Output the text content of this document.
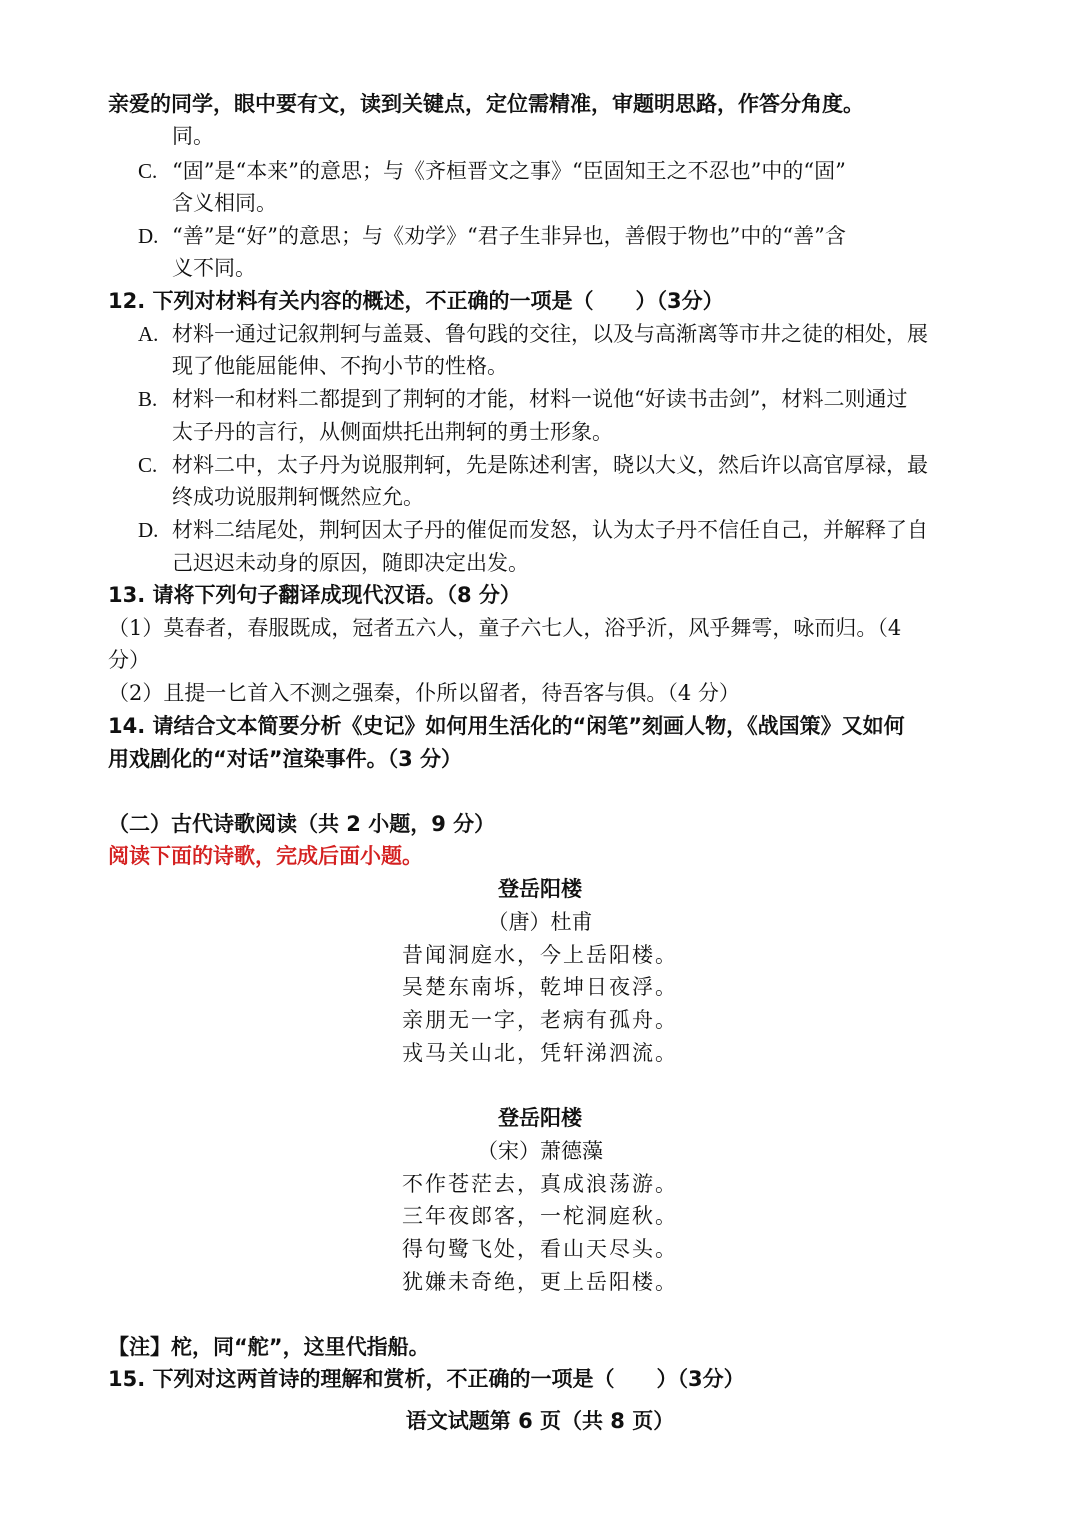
亲爱的同学，眼中要有文，读到关键点，定位需精准，审题明思路，作答分角度。
同。
C. “固”是“本来”的意思；与《齐桓晋文之事》“臣固知王之不忍也”中的“固”
含义相同。
D. “善”是“好”的意思；与《劝学》“君子生非异也，善假于物也”中的“善”含
义不同。
12. 下列对材料有关内容的概述，不正确的一项是（　　）（3分）
A. 材料一通过记叙荆轲与盖聂、鲁句践的交往，以及与高渐离等市井之徒的相处，展
现了他能屈能伸、不拘小节的性格。
B. 材料一和材料二都提到了荆轲的才能，材料一说他“好读书击剑”，材料二则通过
太子丹的言行，从侧面烘托出荆轲的勇士形象。
C. 材料二中，太子丹为说服荆轲，先是陈述利害，晓以大义，然后许以高官厚禄，最
终成功说服荆轲慨然应允。
D. 材料二结尾处，荆轲因太子丹的催促而发怒，认为太子丹不信任自己，并解释了自
己迟迟未动身的原因，随即决定出发。
13. 请将下列句子翻译成现代汉语。（8 分）
（1）莫春者，春服既成，冠者五六人，童子六七人，浴乎沂，风乎舞雩，咏而归。（4
分）
（2）且提一匕首入不测之强秦，仆所以留者，待吾客与俱。（4 分）
14. 请结合文本简要分析《史记》如何用生活化的“闲笔”刻画人物，《战国策》又如何
用戏剧化的“对话”渲染事件。（3 分）
（二）古代诗歌阅读（共 2 小题，9 分）
阅读下面的诗歌，完成后面小题。
登岳阳楼
（唐）杜甫
昔闻洞庭水，今上岳阳楼。
吴楚东南坼，乾坤日夜浮。
亲朋无一字，老病有孤舟。
戎马关山北，凭轩涕泗流。
登岳阳楼
（宋）萧德藻
不作苍茫去，真成浪荡游。
三年夜郎客，一柁洞庭秋。
得句鹭飞处，看山天尽头。
犹嫌未奇绝，更上岳阳楼。
【注】柁，同“舵”，这里代指船。
15. 下列对这两首诗的理解和赏析，不正确的一项是（　　）（3分）
语文试题第 6 页（共 8 页）
